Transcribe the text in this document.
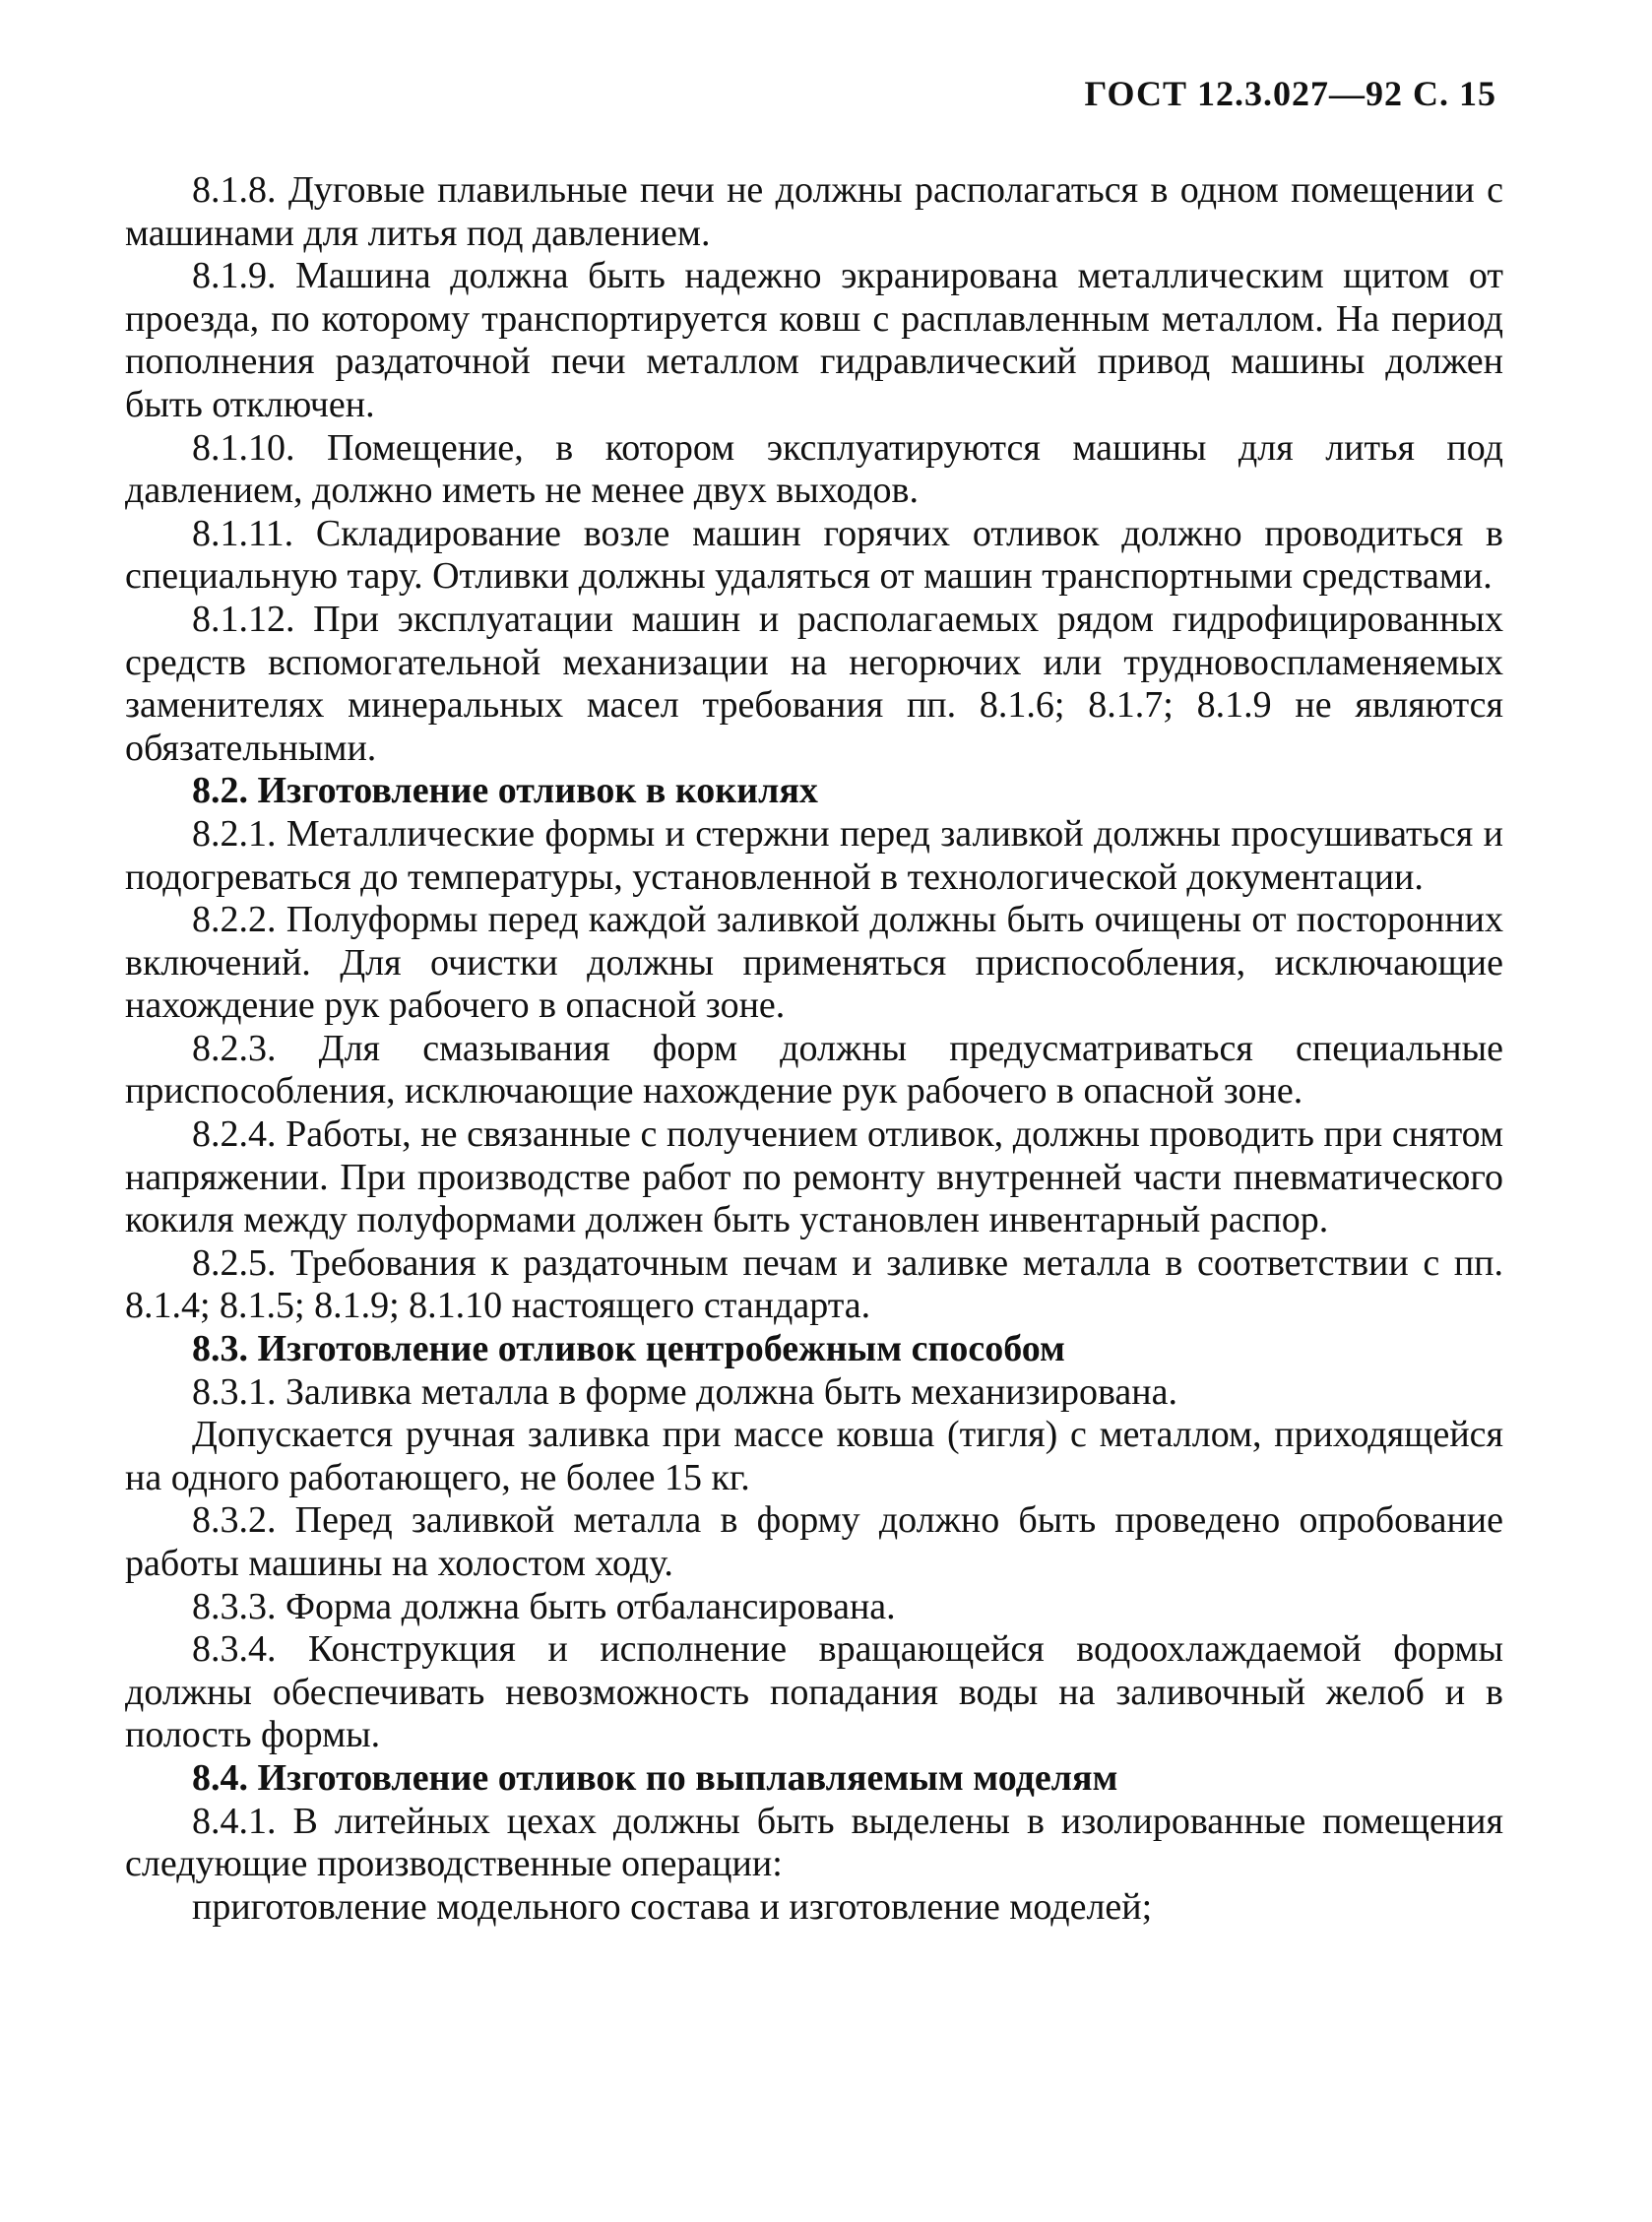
ГОСТ 12.3.027—92 С. 15

8.1.8. Дуговые плавильные печи не должны располагаться в одном помещении с машинами для литья под давлением.

8.1.9. Машина должна быть надежно экранирована металлическим щитом от проезда, по которому транспортируется ковш с расплавленным металлом. На период пополнения раздаточной печи металлом гидравлический привод машины должен быть отключен.

8.1.10. Помещение, в котором эксплуатируются машины для литья под давлением, должно иметь не менее двух выходов.

8.1.11. Складирование возле машин горячих отливок должно проводиться в специальную тару. Отливки должны удаляться от машин транспортными средствами.

8.1.12. При эксплуатации машин и располагаемых рядом гидрофицированных средств вспомогательной механизации на негорючих или трудновоспламеняемых заменителях минеральных масел требования пп. 8.1.6; 8.1.7; 8.1.9 не являются обязательными.

8.2. Изготовление отливок в кокилях

8.2.1. Металлические формы и стержни перед заливкой должны просушиваться и подогреваться до температуры, установленной в технологической документации.

8.2.2. Полуформы перед каждой заливкой должны быть очищены от посторонних включений. Для очистки должны применяться приспособления, исключающие нахождение рук рабочего в опасной зоне.

8.2.3. Для смазывания форм должны предусматриваться специальные приспособления, исключающие нахождение рук рабочего в опасной зоне.

8.2.4. Работы, не связанные с получением отливок, должны проводить при снятом напряжении. При производстве работ по ремонту внутренней части пневматического кокиля между полуформами должен быть установлен инвентарный распор.

8.2.5. Требования к раздаточным печам и заливке металла в соответствии с пп. 8.1.4; 8.1.5; 8.1.9; 8.1.10 настоящего стандарта.

8.3. Изготовление отливок центробежным способом

8.3.1. Заливка металла в форме должна быть механизирована.

Допускается ручная заливка при массе ковша (тигля) с металлом, приходящейся на одного работающего, не более 15 кг.

8.3.2. Перед заливкой металла в форму должно быть проведено опробование работы машины на холостом ходу.

8.3.3. Форма должна быть отбалансирована.

8.3.4. Конструкция и исполнение вращающейся водоохлаждаемой формы должны обеспечивать невозможность попадания воды на заливочный желоб и в полость формы.

8.4. Изготовление отливок по выплавляемым моделям

8.4.1. В литейных цехах должны быть выделены в изолированные помещения следующие производственные операции:

приготовление модельного состава и изготовление моделей;
